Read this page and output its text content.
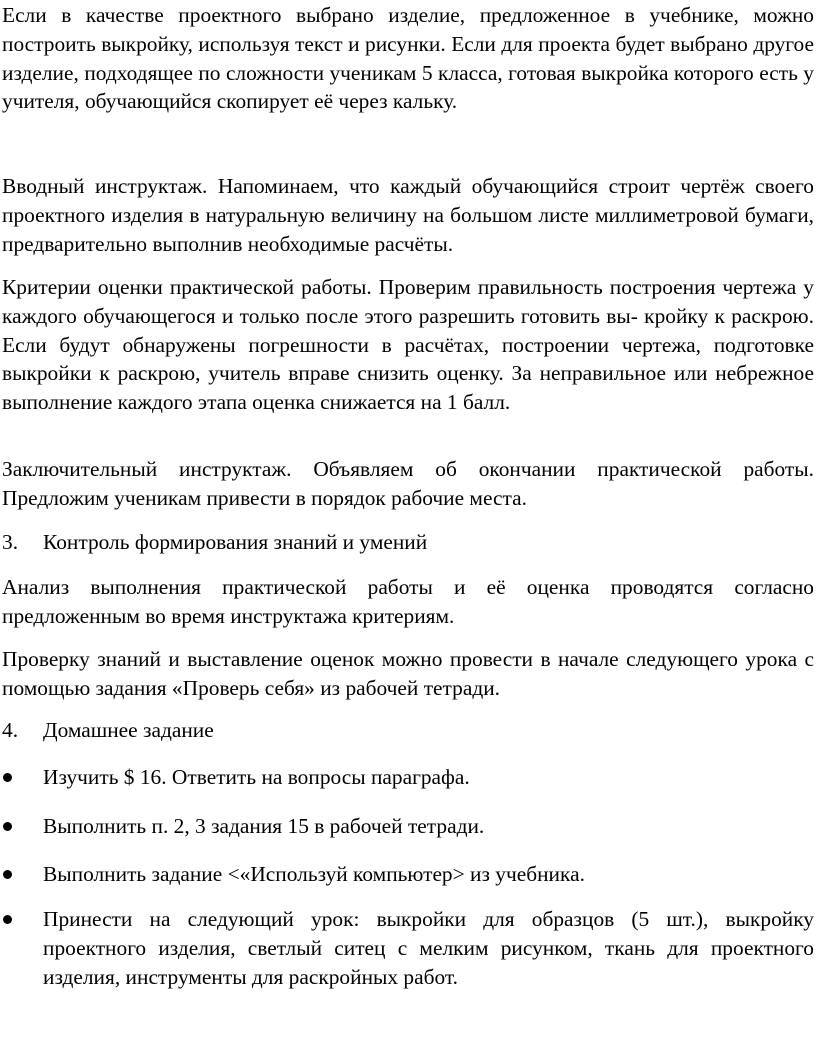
Если в качестве проектного выбрано изделие, предложенное в учебнике, можно построить выкройку, используя текст и рисунки. Если для проекта будет выбрано другое изделие, подходящее по сложности ученикам 5 класса, готовая выкройка которого есть у учителя, обучающийся скопирует её через кальку.

Вводный инструктаж. Напоминаем, что каждый обучающийся строит чертёж своего проектного изделия в натуральную величину на большом листе миллиметровой бумаги, предварительно выполнив необходимые расчёты.

Критерии оценки практической работы. Проверим правильность построения чертежа у каждого обучающегося и только после этого разрешить готовить вы- кройку к раскрою. Если будут обнаружены погрешности в расчётах, построении чертежа, подготовке выкройки к раскрою, учитель вправе снизить оценку. За неправильное или небрежное выполнение каждого этапа оценка снижается на 1 балл.

Заключительный инструктаж. Объявляем об окончании практической работы. Предложим ученикам привести в порядок рабочие места.

3.	Контроль формирования знаний и умений

Анализ выполнения практической работы и её оценка проводятся согласно предложенным во время инструктажа критериям.

Проверку знаний и выставление оценок можно провести в начале следующего урока с помощью задания «Проверь себя» из рабочей тетради.

4.	Домашнее задание
Изучить $ 16. Ответить на вопросы параграфа.
Выполнить п. 2, 3 задания 15 в рабочей тетради.
Выполнить задание <«Используй компьютер> из учебника.
Принести на следующий урок: выкройки для образцов (5 шт.), выкройку проектного изделия, светлый ситец с мелким рисунком, ткань для проектного изделия, инструменты для раскройных работ.
